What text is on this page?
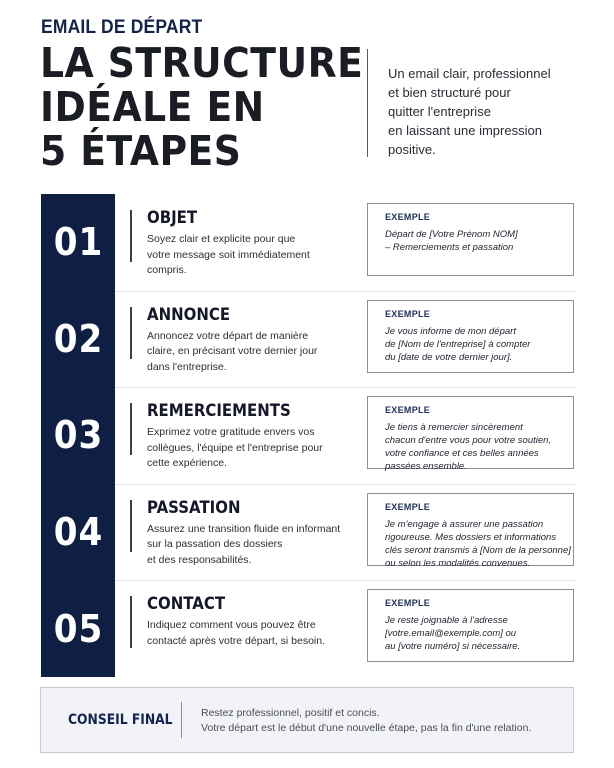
EMAIL DE DÉPART
LA STRUCTURE
IDÉALE EN
5 ÉTAPES
Un email clair, professionnel
et bien structuré pour
quitter l'entreprise
en laissant une impression
positive.
01
OBJET
Soyez clair et explicite pour que
votre message soit immédiatement
compris.
EXEMPLE
Départ de [Votre Prénom NOM]
– Remerciements et passation
02
ANNONCE
Annoncez votre départ de manière
claire, en précisant votre dernier jour
dans l'entreprise.
EXEMPLE
Je vous informe de mon départ
de [Nom de l'entreprise] à compter
du [date de votre dernier jour].
03
REMERCIEMENTS
Exprimez votre gratitude envers vos
collègues, l'équipe et l'entreprise pour
cette expérience.
EXEMPLE
Je tiens à remercier sincèrement
chacun d'entre vous pour votre soutien,
votre confiance et ces belles années
passées ensemble.
04
PASSATION
Assurez une transition fluide en informant
sur la passation des dossiers
et des responsabilités.
EXEMPLE
Je m'engage à assurer une passation
rigoureuse. Mes dossiers et informations
clés seront transmis à [Nom de la personne]
ou selon les modalités convenues.
05
CONTACT
Indiquez comment vous pouvez être
contacté après votre départ, si besoin.
EXEMPLE
Je reste joignable à l'adresse
[votre.email@exemple.com] ou
au [votre numéro] si nécessaire.
CONSEIL FINAL	Restez professionnel, positif et concis.
Votre départ est le début d'une nouvelle étape, pas la fin d'une relation.
